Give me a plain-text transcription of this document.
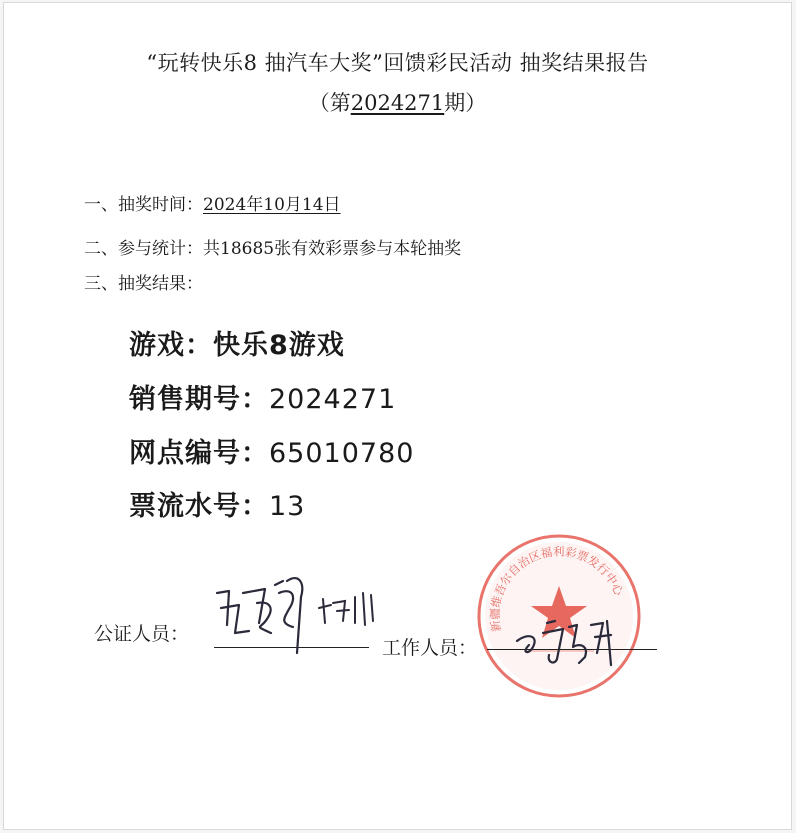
“玩转快乐8 抽汽车大奖”回馈彩民活动 抽奖结果报告
（第2024271期）
一、抽奖时间：2024年10月14日
二、参与统计：共18685张有效彩票参与本轮抽奖
三、抽奖结果：
游戏：快乐8游戏
销售期号：2024271
网点编号：65010780
票流水号：13
新疆维吾尔自治区福利彩票发行中心
公证人员：
工作人员：
